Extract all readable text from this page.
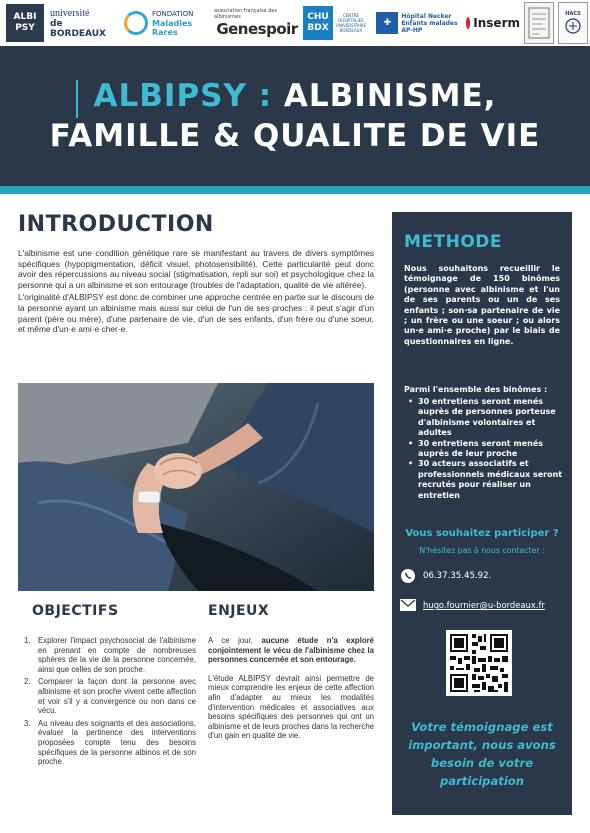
ALBI
PSY
université
de BORDEAUX
FONDATION
Maladies Rares
association française des albinismes
Genespoir
CHU
BDX
CENTRE HOSPITALIER UNIVERSITAIRE BORDEAUX
✚
Hôpital Necker
Enfants malades
AP-HP	Inserm
HACS
ALBIPSY : ALBINISME,
FAMILLE & QUALITE DE VIE
INTRODUCTION

L'albinisme est une condition génétique rare se manifestant au travers de divers symptômes spécifiques (hypopigmentation, déficit visuel, photosensibilité). Cette particularité peut donc avoir des répercussions au niveau social (stigmatisation, repli sur soi) et psychologique chez la personne qui a un albinisme et son entourage (troubles de l'adaptation, qualité de vie altérée).

L'originalité d'ALBIPSY est donc de combiner une approche centrée en partie sur le discours de la personne ayant un albinisme mais aussi sur celui de l'un de ses proches : il peut s'agir d'un parent (père ou mère), d'une partenaire de vie, d'un de ses enfants, d'un frère ou d'une soeur, et même d'un·e ami·e cher·e.

OBJECTIFS
1. Explorer l'impact psychosocial de l'albinisme en prenant en compte de nombreuses sphères de la vie de la personne concernée, ainsi que celles de son proche.
2. Comparer la façon dont la personne avec albinisme et son proche vivent cette affection et voir s'il y a convergence ou non dans ce vécu.
3. Au niveau des soignants et des associations, évaluer la pertinence des interventions proposées compte tenu des besoins spécifiques de la personne albinos et de son proche.
ENJEUX

A ce jour, aucune étude n'a exploré conjointement le vécu de l'albinisme chez la personnes concernée et son entourage.

L'étude ALBIPSY devrait ainsi permettre de mieux comprendre les enjeux de cette affection afin d'adapter au mieux les modalités d'intervention médicales et associatives aux besoins spécifiques des personnes qui ont un albinisme et de leurs proches dans la recherche d'un gain en qualité de vie.

METHODE

Nous souhaitons recueillir le témoignage de 150 binômes (personne avec albinisme et l'un de ses parents ou un de ses enfants ; son·sa partenaire de vie ; un frère ou une soeur ; ou alors un·e ami·e proche) par le biais de questionnaires en ligne.

Parmi l'ensemble des binômes :

• 30 entretiens seront menés auprès de personnes porteuse d'albinisme volontaires et adultes
• 30 entretiens seront menés auprès de leur proche
• 30 acteurs associatifs et professionnels médicaux seront recrutés pour réaliser un entretien
Vous souhaitez participer ?
N'hésitez pas à nous contacter :
06.37.35.45.92.
hugo.fournier@u-bordeaux.fr
Votre témoignage est important, nous avons besoin de votre participation
